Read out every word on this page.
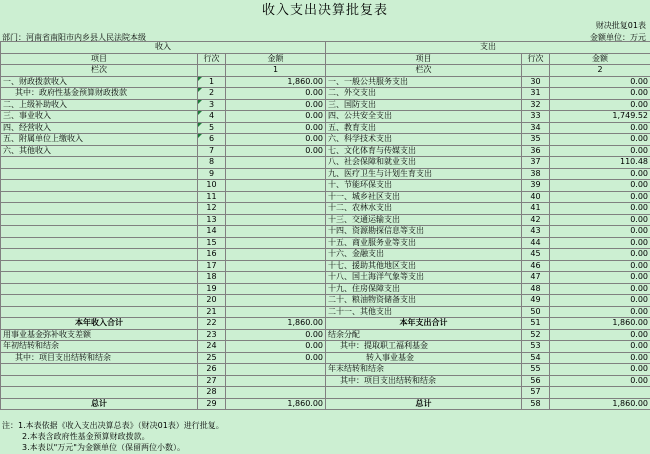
收入支出决算批复表
财决批复01表
部门：河南省南阳市内乡县人民法院本级	金额单位：万元
收入			支出		
项目	行次	金额	项目	行次	金额
栏次		1	栏次		2
一、财政拨款收入	1	1,860.00	一、一般公共服务支出	30	0.00
其中：政府性基金预算财政拨款	2	0.00	二、外交支出	31	0.00
二、上级补助收入	3	0.00	三、国防支出	32	0.00
三、事业收入	4	0.00	四、公共安全支出	33	1,749.52
四、经营收入	5	0.00	五、教育支出	34	0.00
五、附属单位上缴收入	6	0.00	六、科学技术支出	35	0.00
六、其他收入	7	0.00	七、文化体育与传媒支出	36	0.00
	8		八、社会保障和就业支出	37	110.48
	9		九、医疗卫生与计划生育支出	38	0.00
	10		十、节能环保支出	39	0.00
	11		十一、城乡社区支出	40	0.00
	12		十二、农林水支出	41	0.00
	13		十三、交通运输支出	42	0.00
	14		十四、资源勘探信息等支出	43	0.00
	15		十五、商业服务业等支出	44	0.00
	16		十六、金融支出	45	0.00
	17		十七、援助其他地区支出	46	0.00
	18		十八、国土海洋气象等支出	47	0.00
	19		十九、住房保障支出	48	0.00
	20		二十、粮油物资储备支出	49	0.00
	21		二十一、其他支出	50	0.00
本年收入合计	22	1,860.00	本年支出合计	51	1,860.00
用事业基金弥补收支差额	23	0.00	结余分配	52	0.00
年初结转和结余	24	0.00	其中：提取职工福利基金	53	0.00
其中：项目支出结转和结余	25	0.00	转入事业基金	54	0.00
	26		年末结转和结余	55	0.00
	27		其中：项目支出结转和结余	56	0.00
	28			57	
总计	29	1,860.00	总计	58	1,860.00
注：1.本表依据《收入支出决算总表》（财决01表）进行批复。
2.本表含政府性基金预算财政拨款。
3.本表以"万元"为金额单位（保留两位小数）。
